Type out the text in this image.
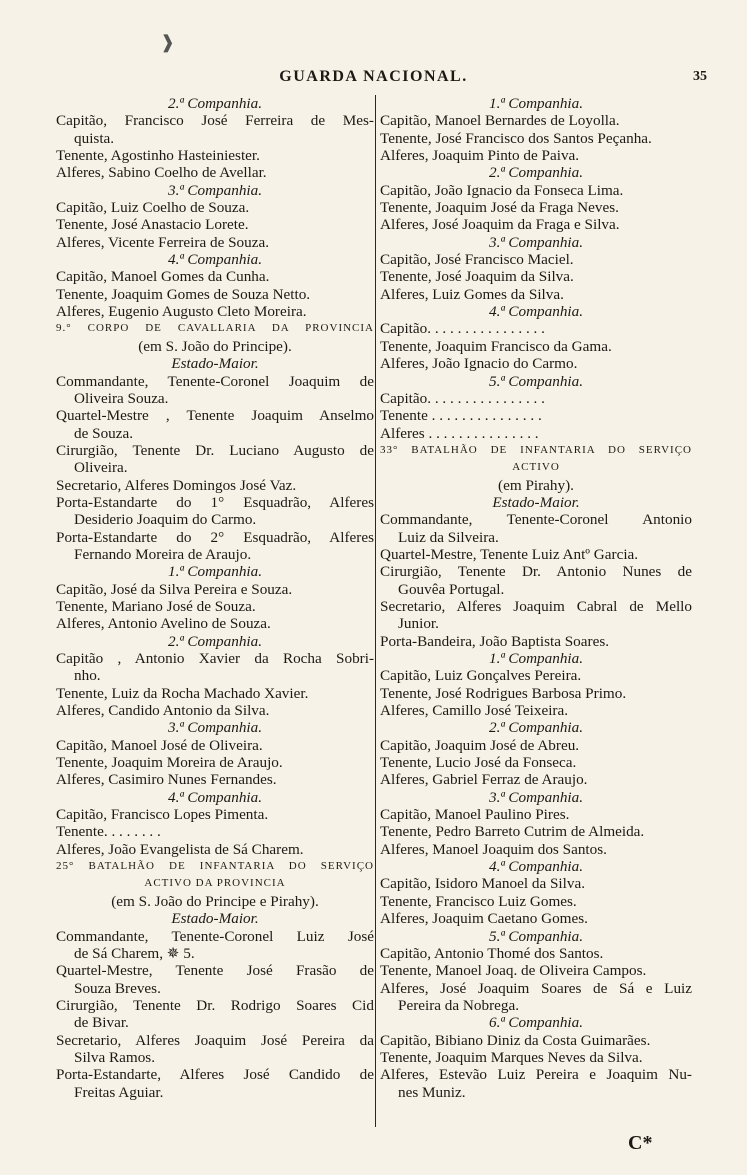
❱
GUARDA NACIONAL.	35
2.ª Companhia.
Capitão, Francisco José Ferreira de Mes-
quista.
Tenente, Agostinho Hasteiniester.
Alferes, Sabino Coelho de Avellar.
3.ª Companhia.
Capitão, Luiz Coelho de Souza.
Tenente, José Anastacio Lorete.
Alferes, Vicente Ferreira de Souza.
4.ª Companhia.
Capitão, Manoel Gomes da Cunha.
Tenente, Joaquim Gomes de Souza Netto.
Alferes, Eugenio Augusto Cleto Moreira.
9.° CORPO DE CAVALLARIA DA PROVINCIA
(em S. João do Principe).
Estado-Maior.
Commandante, Tenente-Coronel Joaquim de
Oliveira Souza.
Quartel-Mestre , Tenente Joaquim Anselmo
de Souza.
Cirurgião, Tenente Dr. Luciano Augusto de
Oliveira.
Secretario, Alferes Domingos José Vaz.
Porta-Estandarte do 1° Esquadrão, Alferes
Desiderio Joaquim do Carmo.
Porta-Estandarte do 2° Esquadrão, Alferes
Fernando Moreira de Araujo.
1.ª Companhia.
Capitão, José da Silva Pereira e Souza.
Tenente, Mariano José de Souza.
Alferes, Antonio Avelino de Souza.
2.ª Companhia.
Capitão , Antonio Xavier da Rocha Sobri-
nho.
Tenente, Luiz da Rocha Machado Xavier.
Alferes, Candido Antonio da Silva.
3.ª Companhia.
Capitão, Manoel José de Oliveira.
Tenente, Joaquim Moreira de Araujo.
Alferes, Casimiro Nunes Fernandes.
4.ª Companhia.
Capitão, Francisco Lopes Pimenta.
Tenente. . . . . . . .
Alferes, João Evangelista de Sá Charem.
25° BATALHÃO DE INFANTARIA DO SERVIÇO
ACTIVO DA PROVINCIA
(em S. João do Principe e Pirahy).
Estado-Maior.
Commandante, Tenente-Coronel Luiz José
de Sá Charem, ✵ 5.
Quartel-Mestre, Tenente José Frasão de
Souza Breves.
Cirurgião, Tenente Dr. Rodrigo Soares Cid
de Bivar.
Secretario, Alferes Joaquim José Pereira da
Silva Ramos.
Porta-Estandarte, Alferes José Candido de
Freitas Aguiar.
1.ª Companhia.
Capitão, Manoel Bernardes de Loyolla.
Tenente, José Francisco dos Santos Peçanha.
Alferes, Joaquim Pinto de Paiva.
2.ª Companhia.
Capitão, João Ignacio da Fonseca Lima.
Tenente, Joaquim José da Fraga Neves.
Alferes, José Joaquim da Fraga e Silva.
3.ª Companhia.
Capitão, José Francisco Maciel.
Tenente, José Joaquim da Silva.
Alferes, Luiz Gomes da Silva.
4.ª Companhia.
Capitão. . . . . . . . . . . . . . . .
Tenente, Joaquim Francisco da Gama.
Alferes, João Ignacio do Carmo.
5.ª Companhia.
Capitão. . . . . . . . . . . . . . . .
Tenente . . . . . . . . . . . . . . .
Alferes . . . . . . . . . . . . . . .
33° BATALHÃO DE INFANTARIA DO SERVIÇO
ACTIVO
(em Pirahy).
Estado-Maior.
Commandante, Tenente-Coronel Antonio
Luiz da Silveira.
Quartel-Mestre, Tenente Luiz Antº Garcia.
Cirurgião, Tenente Dr. Antonio Nunes de
Gouvêa Portugal.
Secretario, Alferes Joaquim Cabral de Mello
Junior.
Porta-Bandeira, João Baptista Soares.
1.ª Companhia.
Capitão, Luiz Gonçalves Pereira.
Tenente, José Rodrigues Barbosa Primo.
Alferes, Camillo José Teixeira.
2.ª Companhia.
Capitão, Joaquim José de Abreu.
Tenente, Lucio José da Fonseca.
Alferes, Gabriel Ferraz de Araujo.
3.ª Companhia.
Capitão, Manoel Paulino Pires.
Tenente, Pedro Barreto Cutrim de Almeida.
Alferes, Manoel Joaquim dos Santos.
4.ª Companhia.
Capitão, Isidoro Manoel da Silva.
Tenente, Francisco Luiz Gomes.
Alferes, Joaquim Caetano Gomes.
5.ª Companhia.
Capitão, Antonio Thomé dos Santos.
Tenente, Manoel Joaq. de Oliveira Campos.
Alferes, José Joaquim Soares de Sá e Luiz
Pereira da Nobrega.
6.ª Companhia.
Capitão, Bibiano Diniz da Costa Guimarães.
Tenente, Joaquim Marques Neves da Silva.
Alferes, Estevão Luiz Pereira e Joaquim Nu-
nes Muniz.
C*
